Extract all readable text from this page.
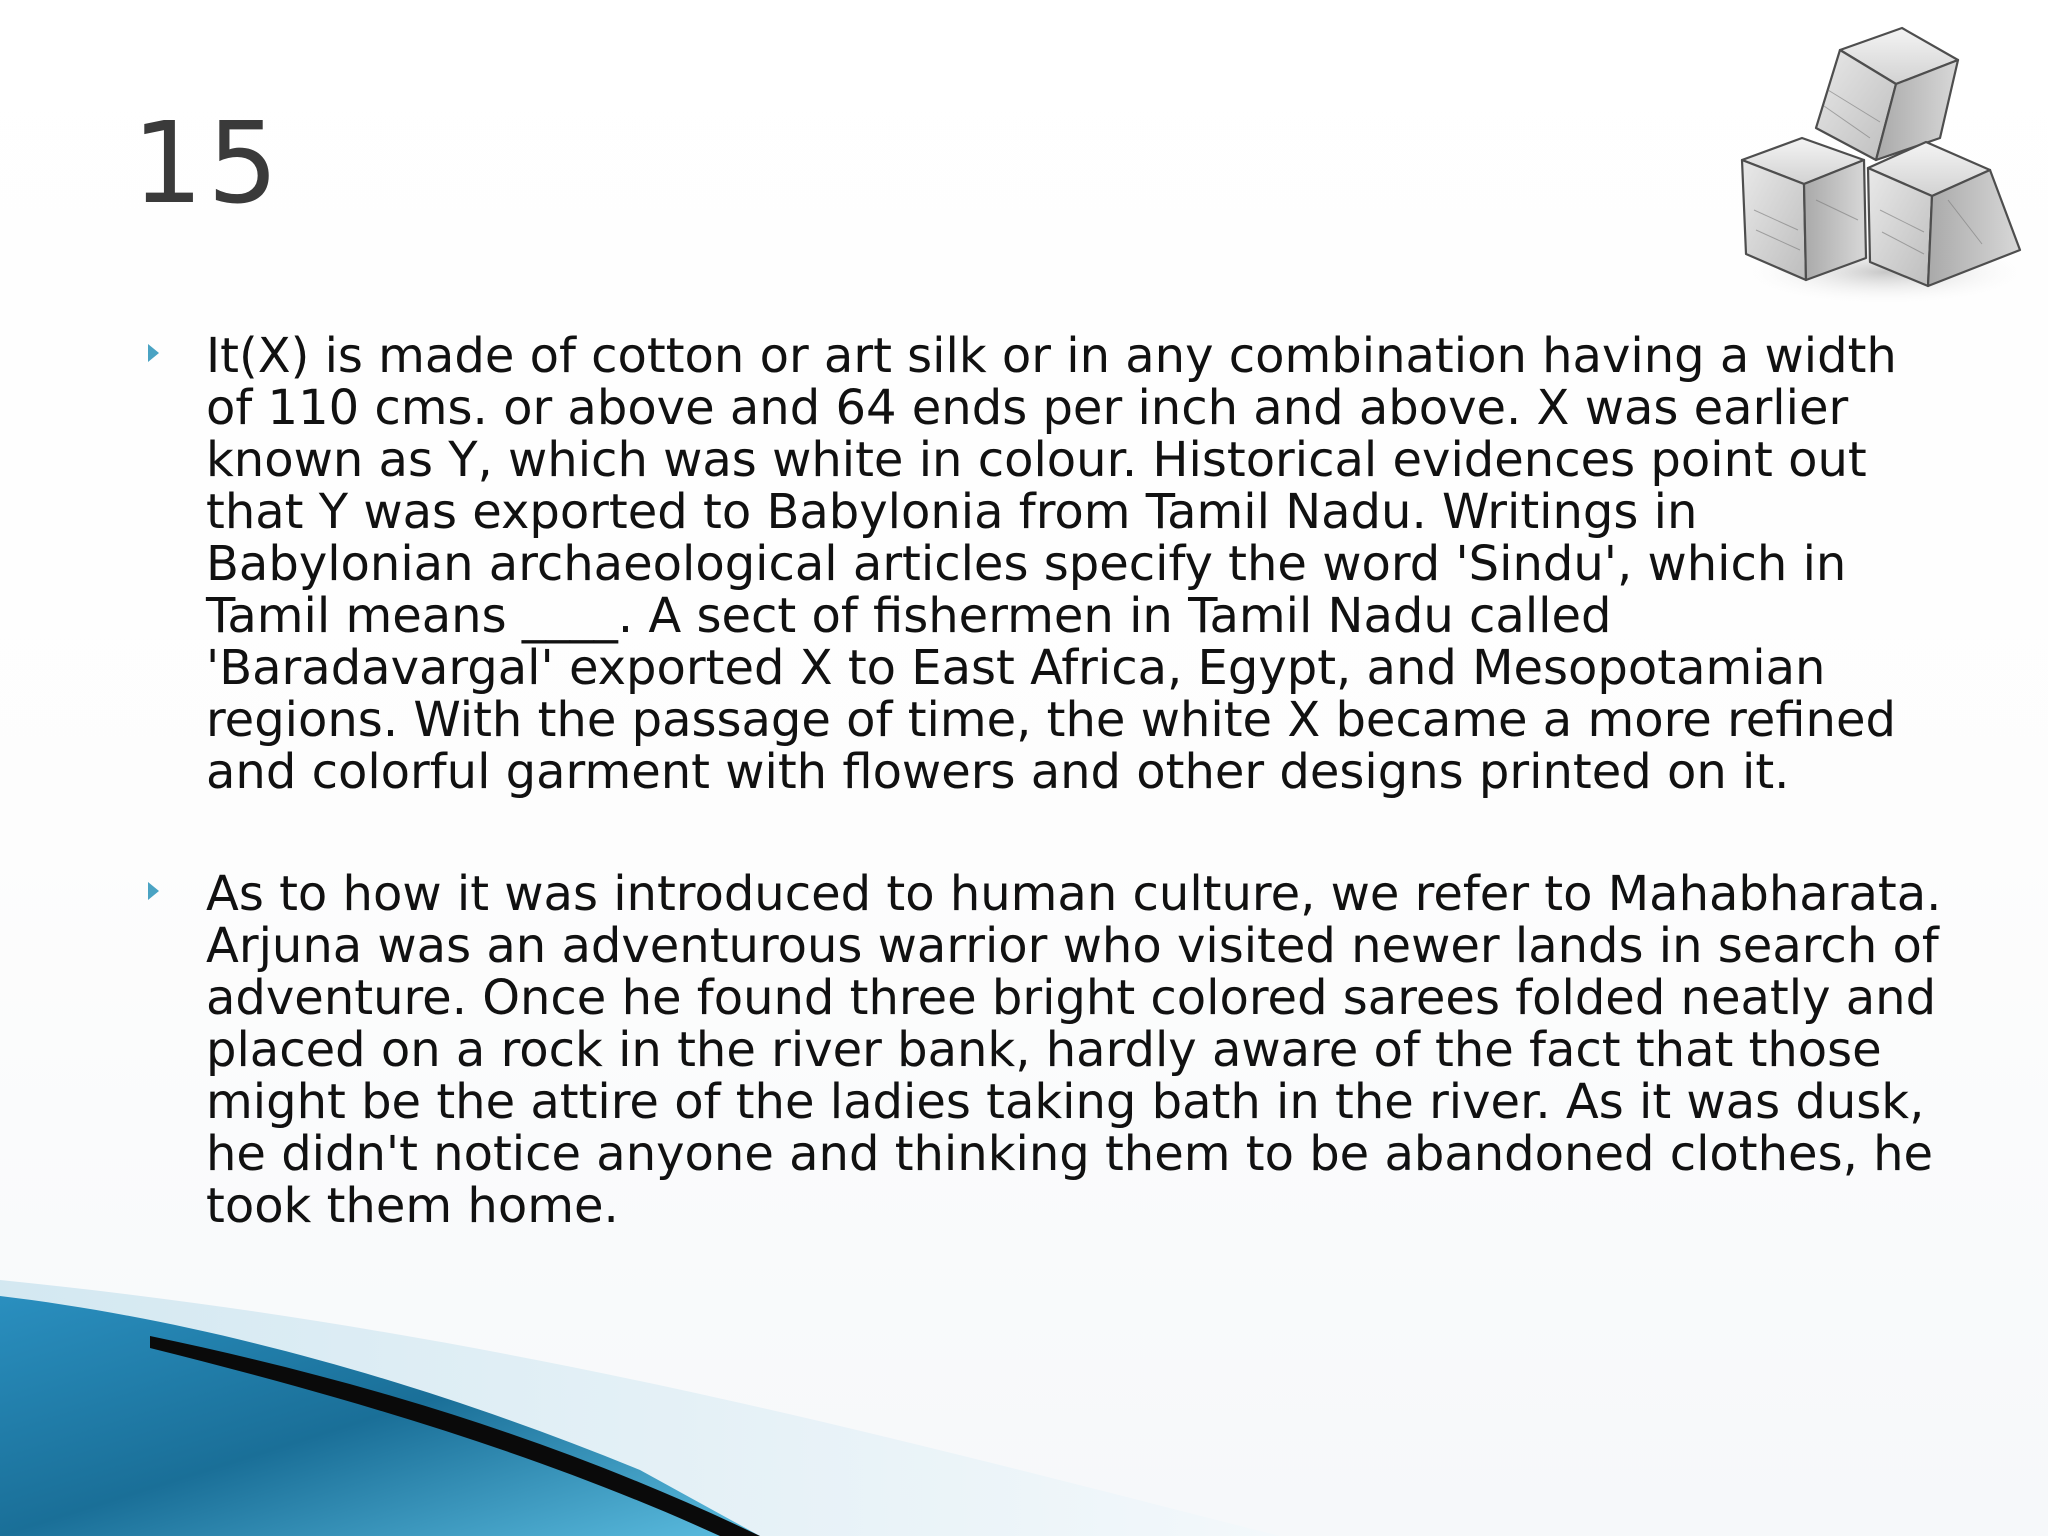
15

It(X) is made of cotton or art silk or in any combination having a width of 110 cms. or above and 64 ends per inch and above. X was earlier known as Y, which was white in colour. Historical evidences point out that Y was exported to Babylonia from Tamil Nadu. Writings in Babylonian archaeological articles specify the word 'Sindu', which in Tamil means ____. A sect of fishermen in Tamil Nadu called 'Baradavargal' exported X to East Africa, Egypt, and Mesopotamian regions. With the passage of time, the white X became a more refined and colorful garment with flowers and other designs printed on it.

As to how it was introduced to human culture, we refer to Mahabharata. Arjuna was an adventurous warrior who visited newer lands in search of adventure. Once he found three bright colored sarees folded neatly and placed on a rock in the river bank, hardly aware of the fact that those might be the attire of the ladies taking bath in the river. As it was dusk, he didn't notice anyone and thinking them to be abandoned clothes, he took them home.
